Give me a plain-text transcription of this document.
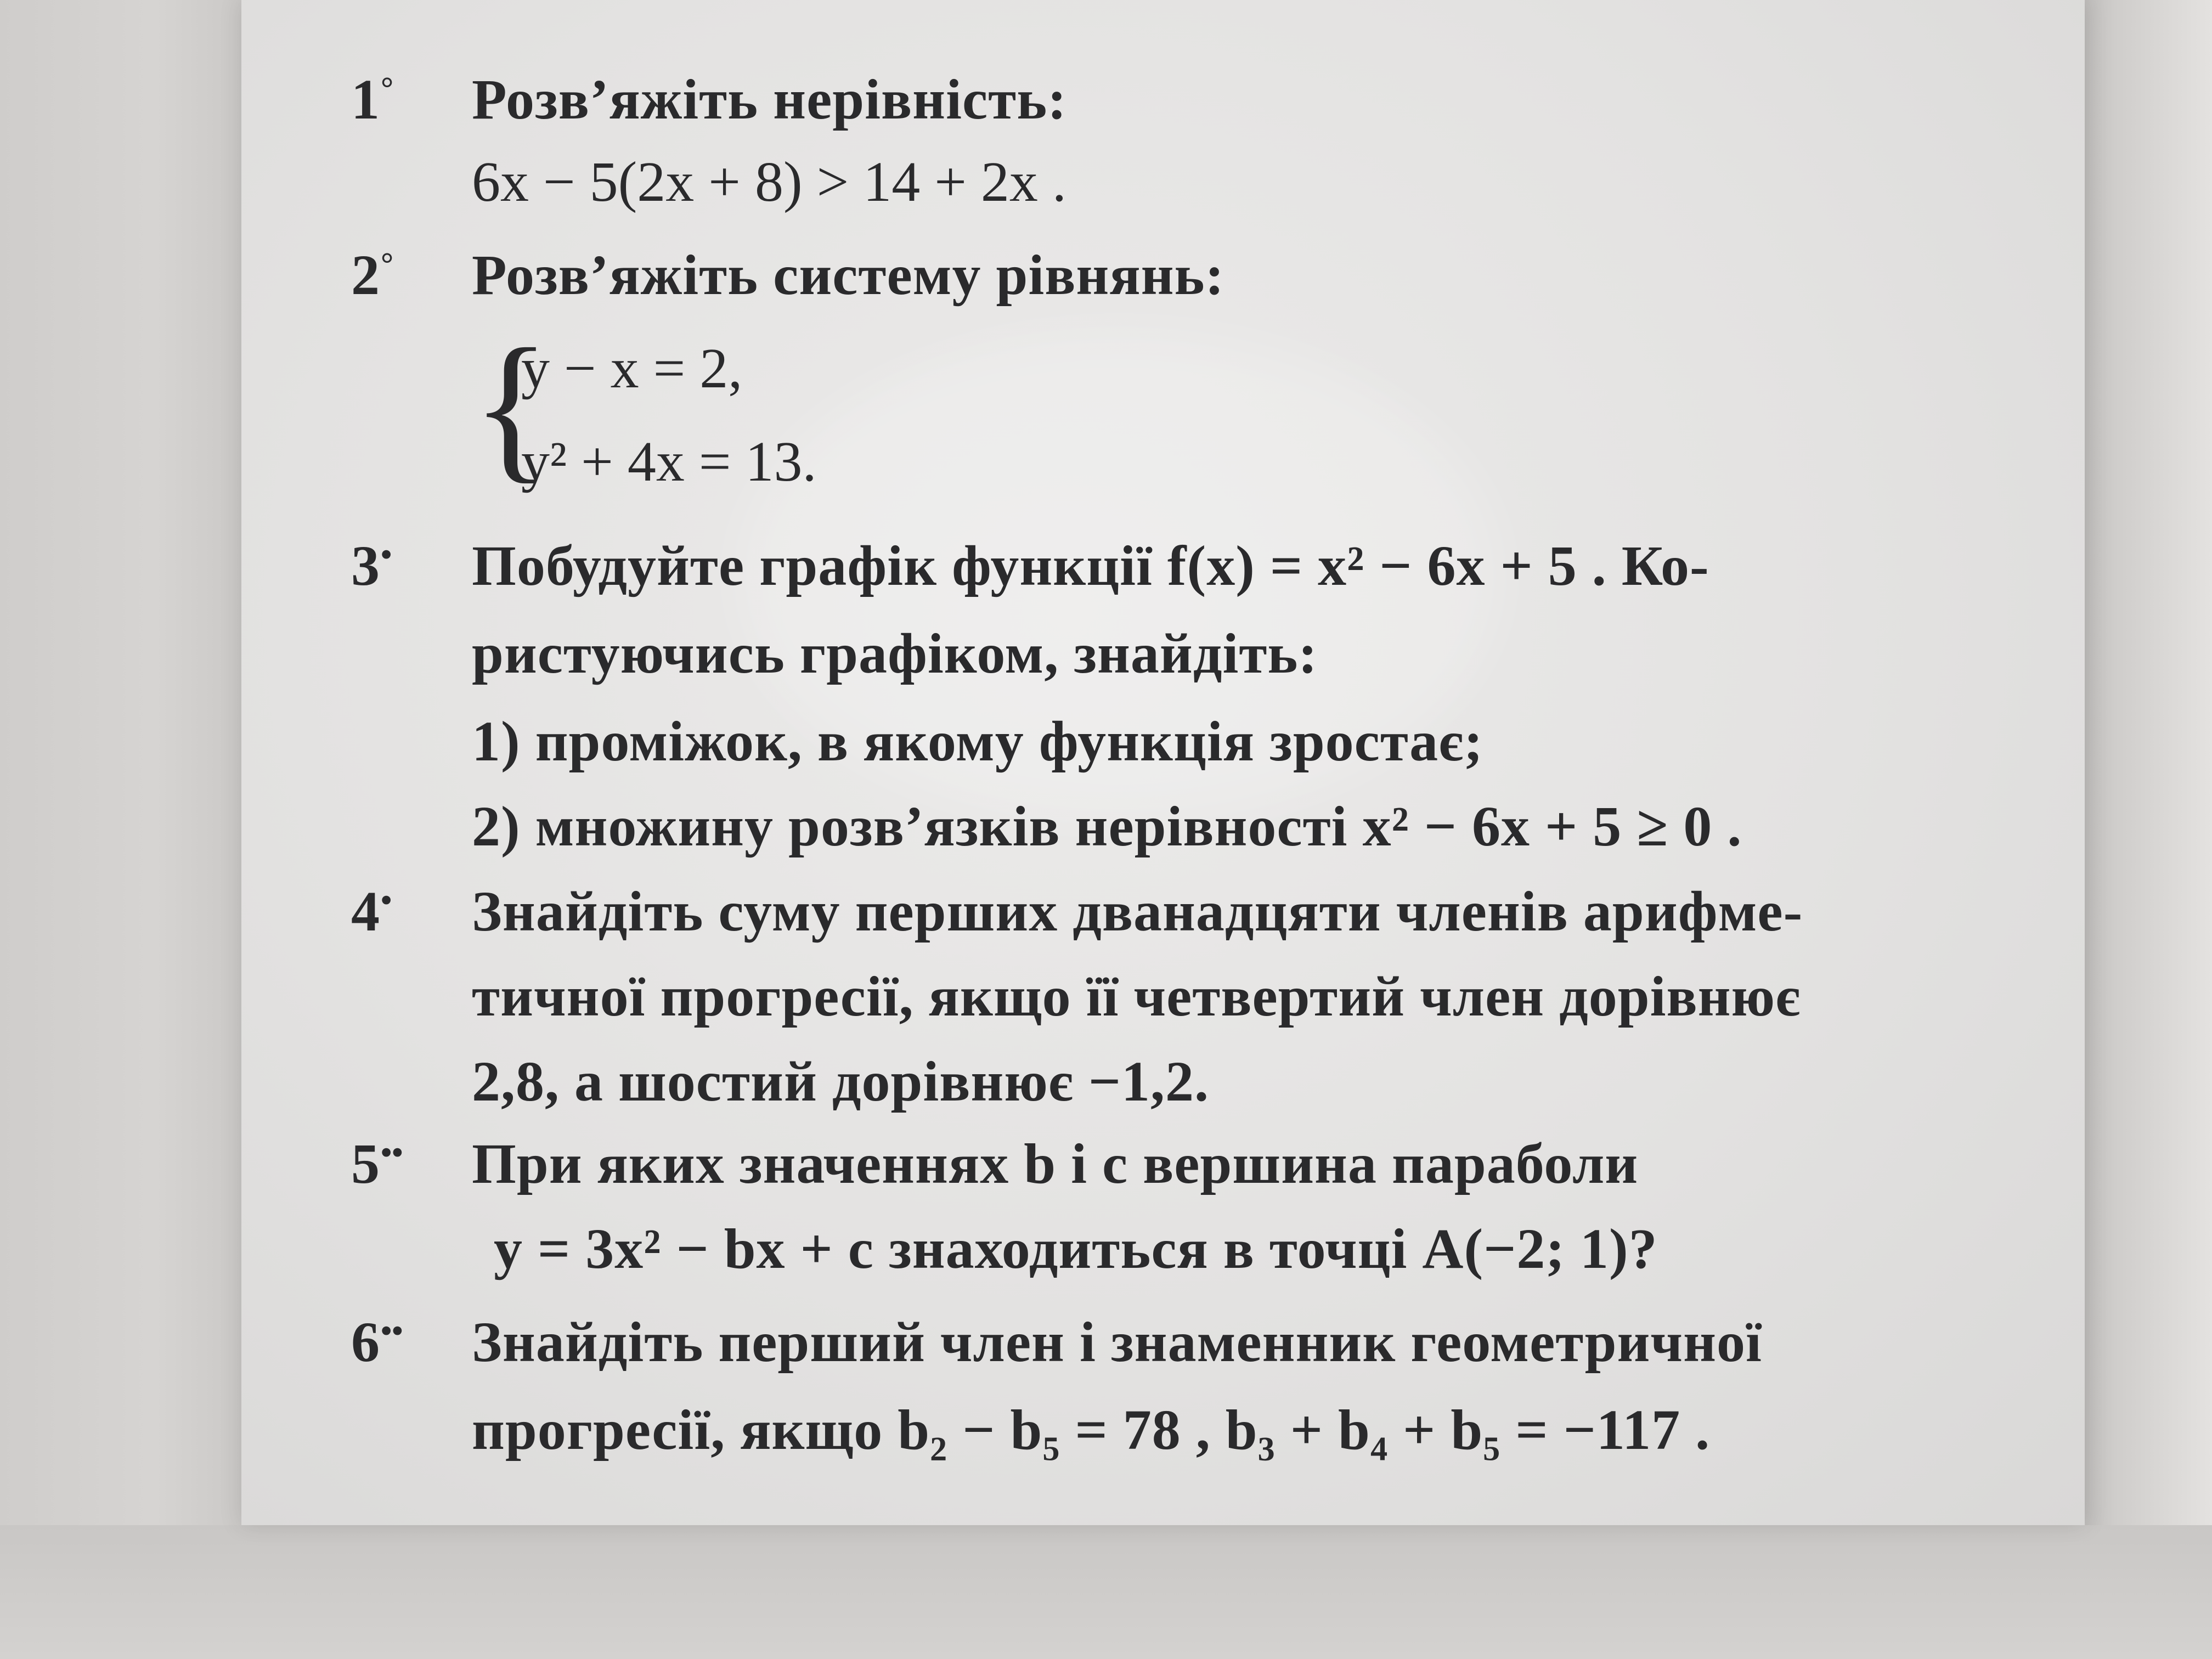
1° Розв’яжіть нерівність:
6x − 5(2x + 8) > 14 + 2x .
2° Розв’яжіть систему рівнянь:
{
y − x = 2,
y² + 4x = 13.
3• Побудуйте графік функції f(x) = x² − 6x + 5 . Ко-
ристуючись графіком, знайдіть:
1) проміжок, в якому функція зростає;
2) множину розв’язків нерівності x² − 6x + 5 ≥ 0 .
4• Знайдіть суму перших дванадцяти членів арифме-
тичної прогресії, якщо її четвертий член дорівнює
2,8, а шостий дорівнює −1,2.
5•• При яких значеннях b і c вершина параболи
y = 3x² − bx + c знаходиться в точці A(−2; 1)?
6•• Знайдіть перший член і знаменник геометричної
прогресії, якщо b₂ − b₅ = 78 , b₃ + b₄ + b₅ = −117 .
